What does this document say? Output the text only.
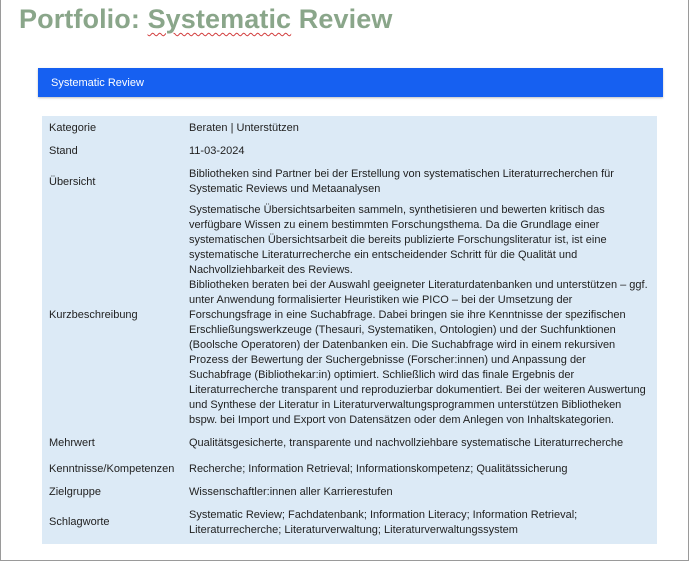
Portfolio: Systematic Review
Systematic Review
Kategorie	Beraten | Unterstützen
Stand	11-03-2024
Übersicht	Bibliotheken sind Partner bei der Erstellung von systematischen Literaturrecherchen für Systematic Reviews und Metaanalysen
Kurzbeschreibung	Systematische Übersichtsarbeiten sammeln, synthetisieren und bewerten kritisch das verfügbare Wissen zu einem bestimmten Forschungsthema. Da die Grundlage einer systematischen Übersichtsarbeit die bereits publizierte Forschungsliteratur ist, ist eine systematische Literaturrecherche ein entscheidender Schritt für die Qualität und Nachvollziehbarkeit des Reviews.
Bibliotheken beraten bei der Auswahl geeigneter Literaturdatenbanken und unterstützen – ggf. unter Anwendung formalisierter Heuristiken wie PICO – bei der Umsetzung der Forschungsfrage in eine Suchabfrage. Dabei bringen sie ihre Kenntnisse der spezifischen Erschließungswerkzeuge (Thesauri, Systematiken, Ontologien) und der Suchfunktionen (Boolsche Operatoren) der Datenbanken ein. Die Suchabfrage wird in einem rekursiven Prozess der Bewertung der Suchergebnisse (Forscher:innen) und Anpassung der Suchabfrage (Bibliothekar:in) optimiert. Schließlich wird das finale Ergebnis der Literaturrecherche transparent und reproduzierbar dokumentiert. Bei der weiteren Auswertung und Synthese der Literatur in Literaturverwaltungsprogrammen unterstützen Bibliotheken bspw. bei Import und Export von Datensätzen oder dem Anlegen von Inhaltskategorien.

Mehrwert	Qualitätsgesicherte, transparente und nachvollziehbare systematische Literaturrecherche
Kenntnisse/Kompetenzen	Recherche; Information Retrieval; Informationskompetenz; Qualitätssicherung
Zielgruppe	Wissenschaftler:innen aller Karrierestufen
Schlagworte	Systematic Review; Fachdatenbank; Information Literacy; Information Retrieval; Literaturrecherche; Literaturverwaltung; Literaturverwaltungssystem
